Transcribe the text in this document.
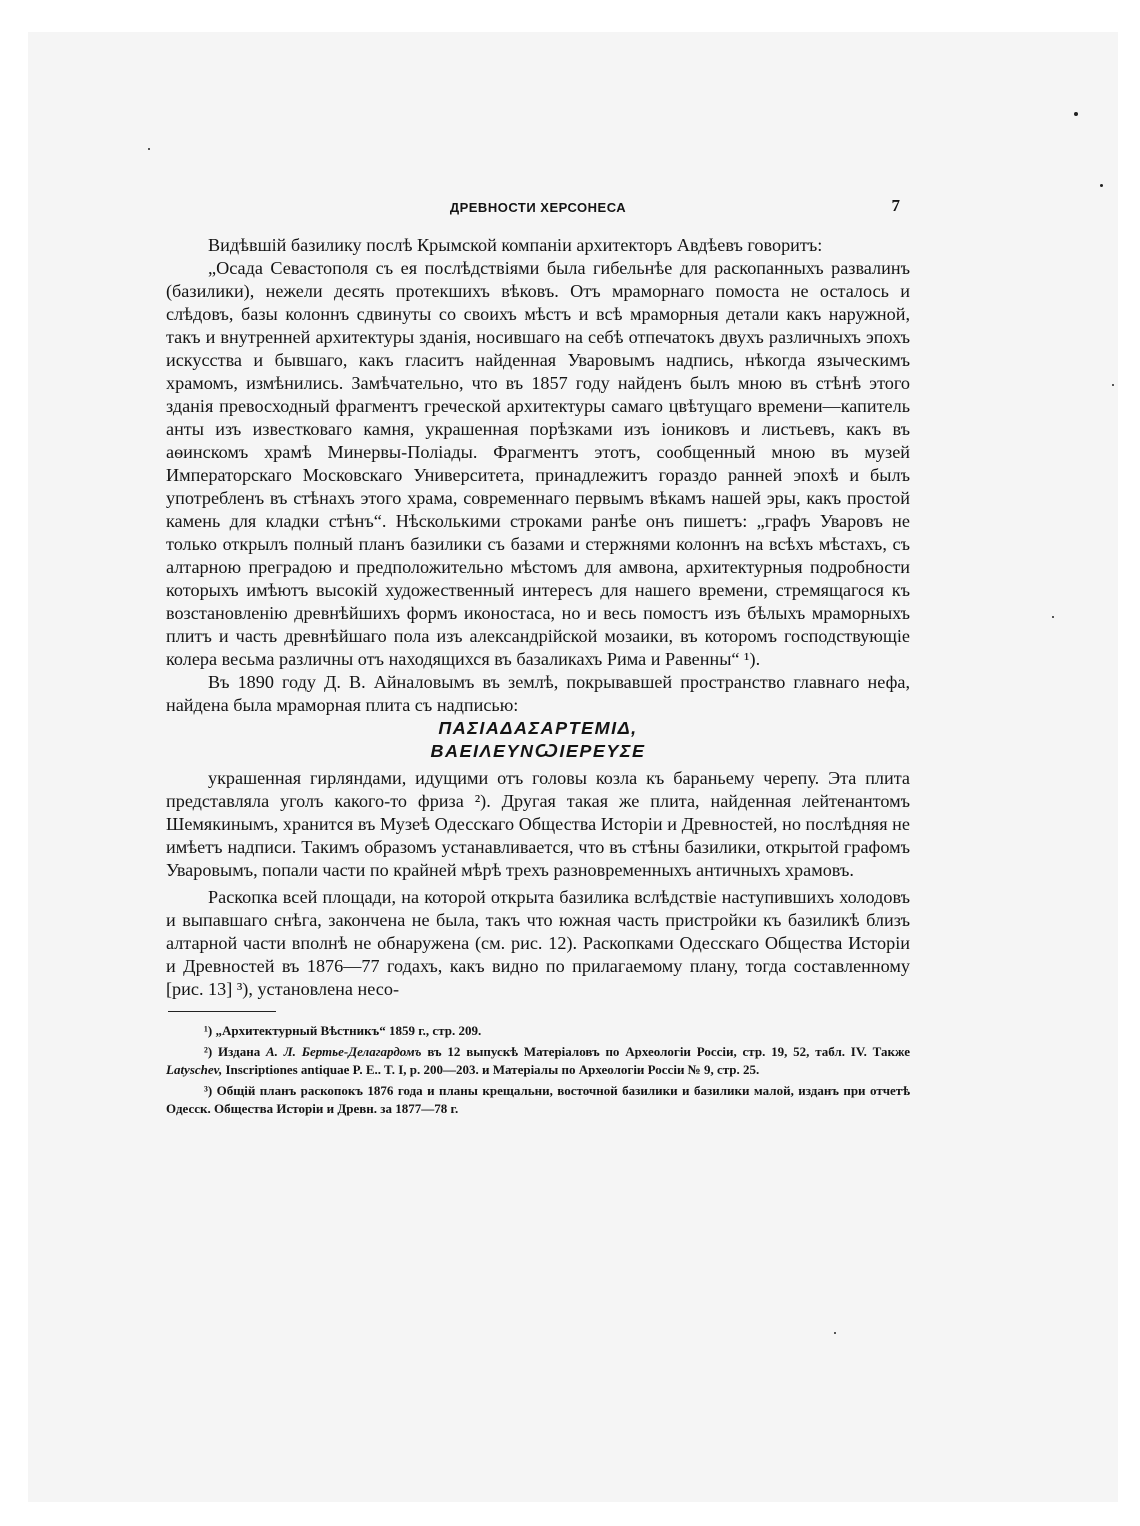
ДРЕВНОСТИ ХЕРСОНЕСА	7

Видѣвшій базилику послѣ Крымской компаніи архитекторъ Авдѣевъ говоритъ:

„Осада Севастополя съ ея послѣдствіями была гибельнѣе для раскопанныхъ развалинъ (базилики), нежели десять протекшихъ вѣковъ. Отъ мраморнаго помоста не осталось и слѣдовъ, базы колоннъ сдвинуты со своихъ мѣстъ и всѣ мраморныя детали какъ наружной, такъ и внутренней архитектуры зданія, носившаго на себѣ отпечатокъ двухъ различныхъ эпохъ искусства и бывшаго, какъ гласитъ найденная Уваровымъ надпись, нѣкогда языческимъ храмомъ, измѣнились. Замѣчательно, что въ 1857 году найденъ былъ мною въ стѣнѣ этого зданія превосходный фрагментъ греческой архитектуры самаго цвѣтущаго времени—капитель анты изъ известковаго камня, украшенная порѣзками изъ іониковъ и листьевъ, какъ въ аѳинскомъ храмѣ Минервы-Поліады. Фрагментъ этотъ, сообщенный мною въ музей Императорскаго Московскаго Университета, принадлежитъ гораздо ранней эпохѣ и былъ употребленъ въ стѣнахъ этого храма, современнаго первымъ вѣкамъ нашей эры, какъ простой камень для кладки стѣнъ“. Нѣсколькими строками ранѣе онъ пишетъ: „графъ Уваровъ не только открылъ полный планъ базилики съ базами и стержнями колоннъ на всѣхъ мѣстахъ, съ алтарною преградою и предположительно мѣстомъ для амвона, архитектурныя подробности которыхъ имѣютъ высокій художественный интересъ для нашего времени, стремящагося къ возстановленію древнѣйшихъ формъ иконостаса, но и весь помостъ изъ бѣлыхъ мраморныхъ плитъ и часть древнѣйшаго пола изъ александрійской мозаики, въ которомъ господствующіе колера весьма различны отъ находящихся въ базаликахъ Рима и Равенны“ ¹).

Въ 1890 году Д. В. Айналовымъ въ землѣ, покрывавшей пространство главнаго нефа, найдена была мраморная плита съ надписью:

ΠΑΣΙΑΔΑΣΑΡΤΕΜΙΔ,
ΒΑΕΙΛΕΥΝѠΙΕΡΕΥΣΕ

украшенная гирляндами, идущими отъ головы козла къ бараньему черепу. Эта плита представляла уголъ какого-то фриза ²). Другая такая же плита, найденная лейтенантомъ Шемякинымъ, хранится въ Музеѣ Одесскаго Общества Исторіи и Древностей, но послѣдняя не имѣетъ надписи. Такимъ образомъ устанавливается, что въ стѣны базилики, открытой графомъ Уваровымъ, попали части по крайней мѣрѣ трехъ разновременныхъ античныхъ храмовъ.

Раскопка всей площади, на которой открыта базилика вслѣдствіе наступившихъ холодовъ и выпавшаго снѣга, закончена не была, такъ что южная часть пристройки къ базиликѣ близъ алтарной части вполнѣ не обнаружена (см. рис. 12). Раскопками Одесскаго Общества Исторіи и Древностей въ 1876—77 годахъ, какъ видно по прилагаемому плану, тогда составленному [рис. 13] ³), установлена несо-

¹) „Архитектурный Вѣстникъ“ 1859 г., стр. 209.

²) Издана А. Л. Бертье-Делагардомъ въ 12 выпускѣ Матеріаловъ по Археологіи Россіи, стр. 19, 52, табл. IV. Также Latyschev, Inscriptiones antiquae P. E.. T. I, p. 200—203. и Матеріалы по Археологіи Россіи № 9, стр. 25.

³) Общій планъ раскопокъ 1876 года и планы крещальни, восточной базилики и базилики малой, изданъ при отчетѣ Одесск. Общества Исторіи и Древн. за 1877—78 г.
